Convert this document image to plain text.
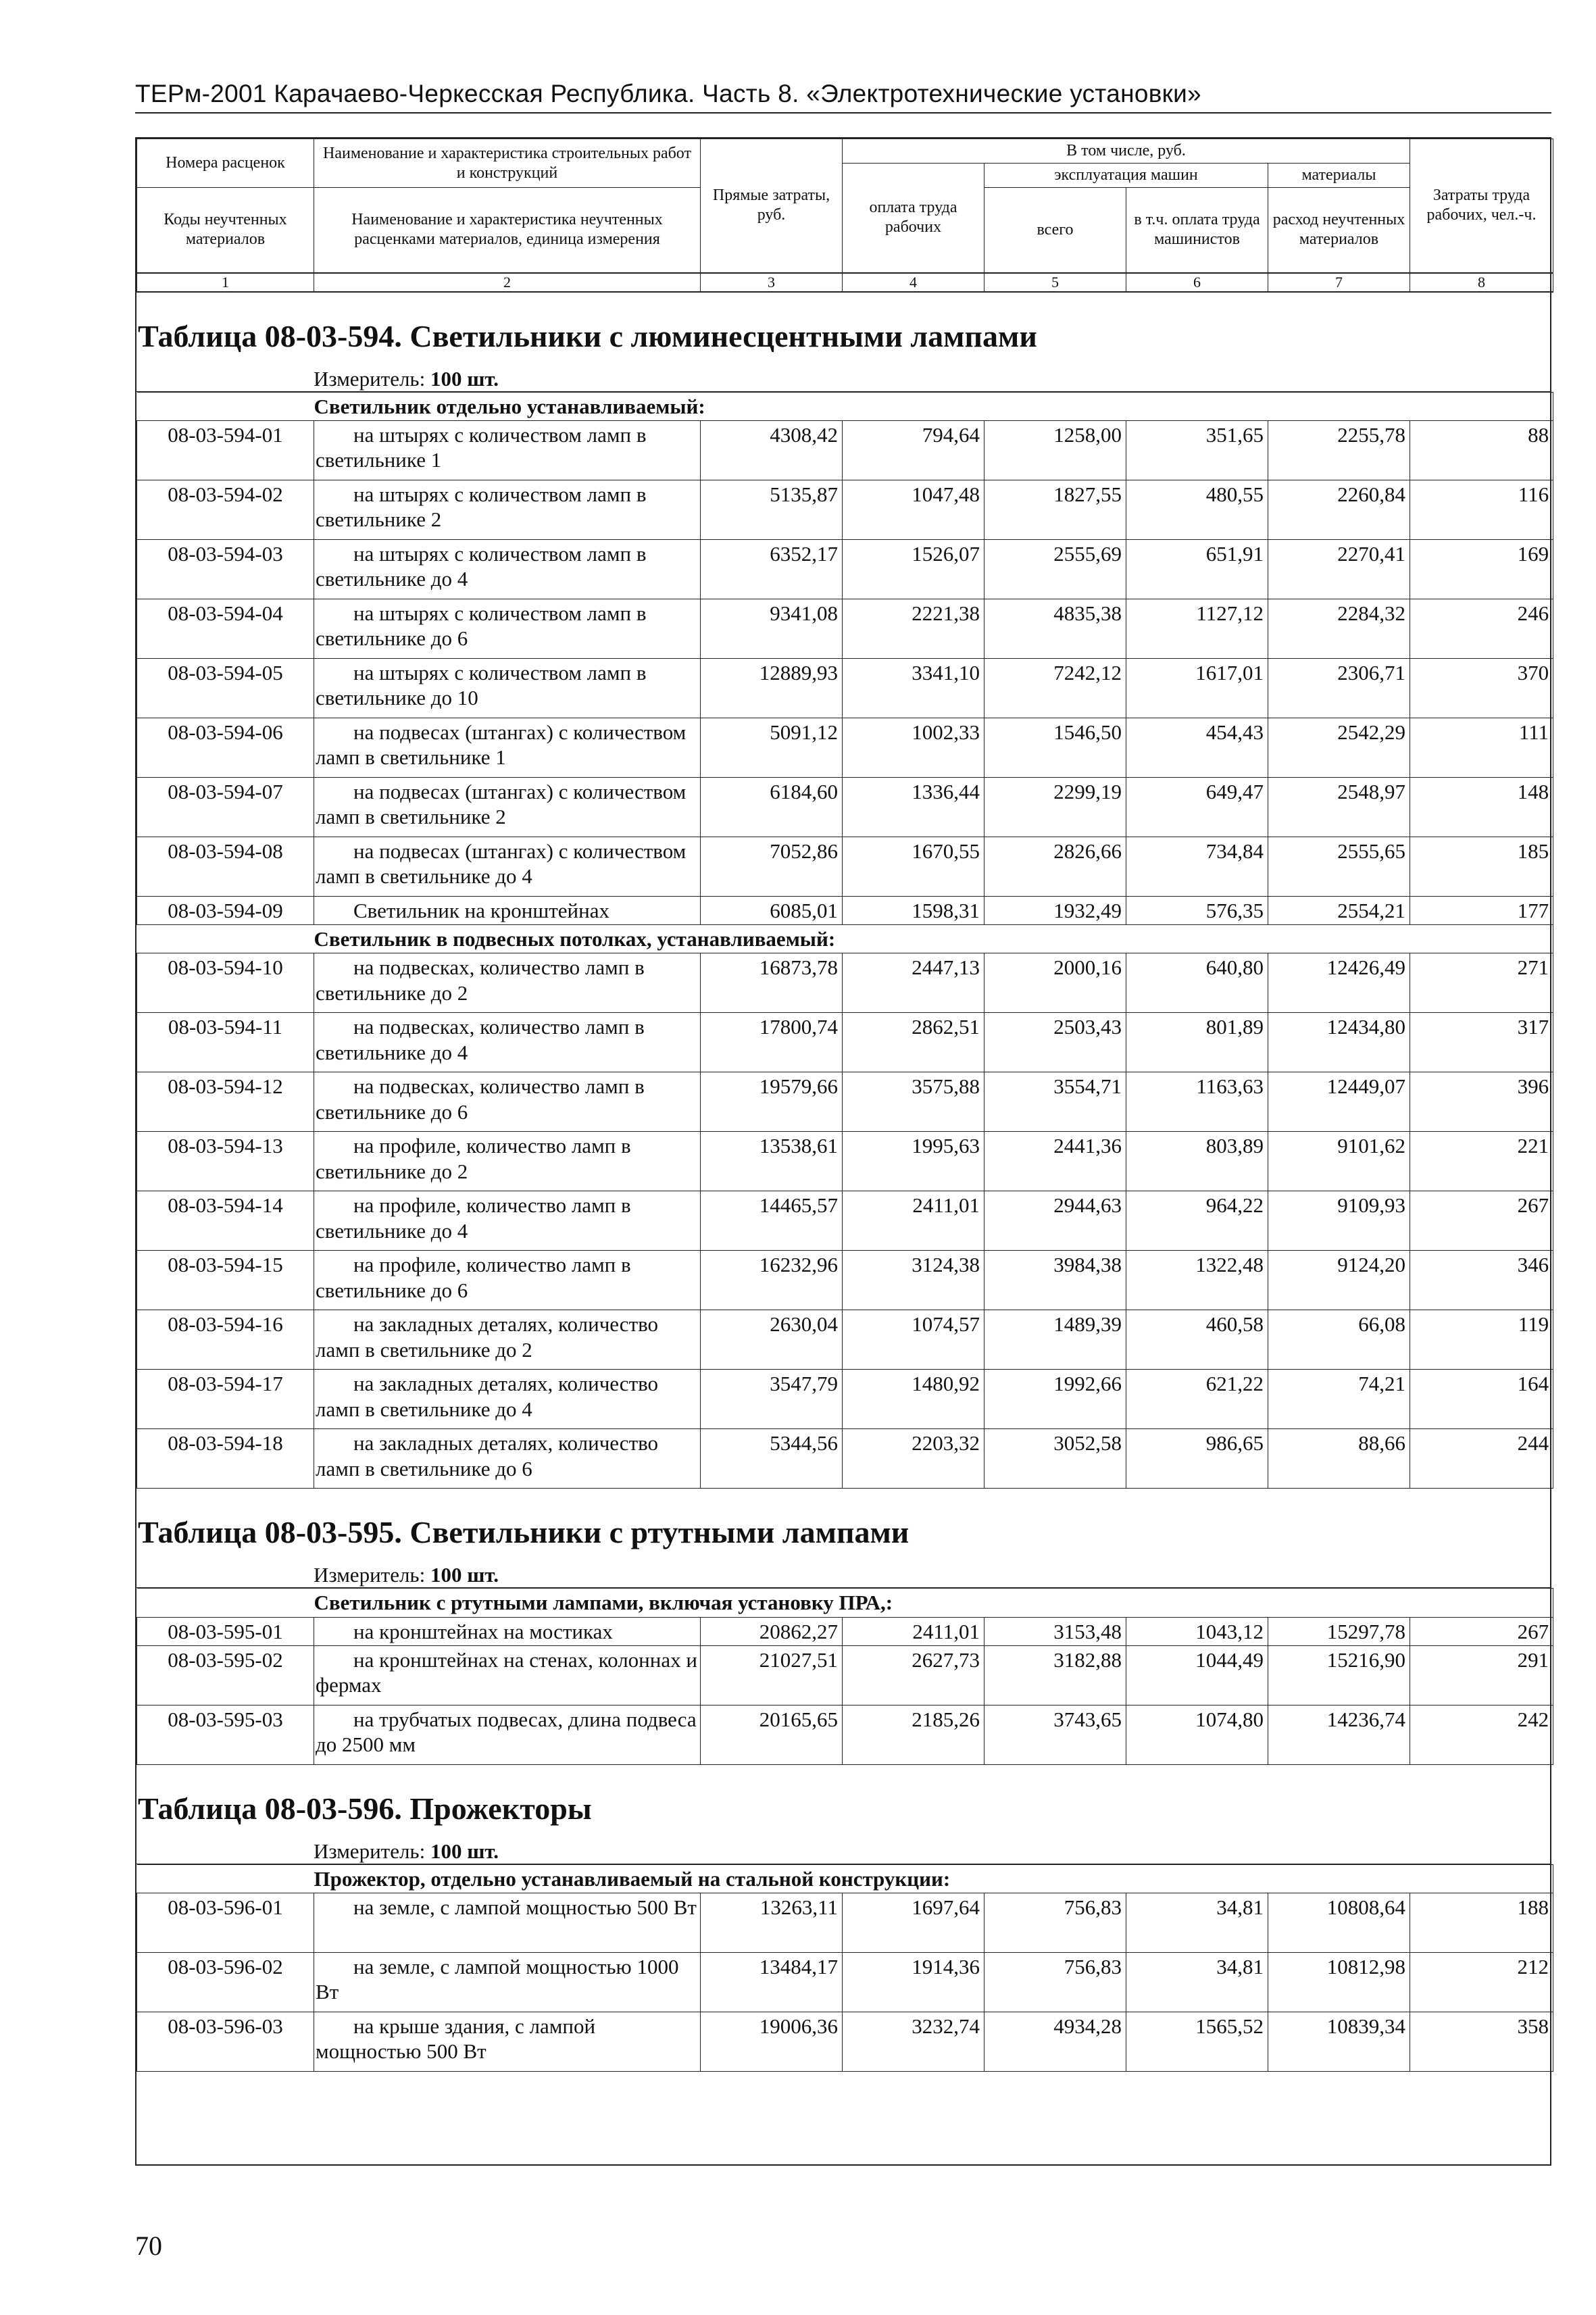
ТЕРм-2001 Карачаево-Черкесская Республика. Часть 8. «Электротехнические установки»
Номера расценок	Наименование и характеристика строительных работ и конструкций	Прямые затраты, руб.	В том числе, руб.				Затраты труда рабочих, чел.-ч.
			оплата труда рабочих	эксплуатация машин		материалы	
Коды неучтенных материалов	Наименование и характеристика неучтенных расценками материалов, единица измерения			всего	в т.ч. оплата труда машинистов	расход неучтенных материалов	

1	2	3	4	5	6	7	8
Таблица 08-03-594. Светильники с люминесцентными лампами
Измеритель: 100 шт.
Светильник отдельно устанавливаемый:							
08-03-594-01	на штырях с количеством ламп в светильнике 1	4308,42	794,64	1258,00	351,65	2255,78	88
08-03-594-02	на штырях с количеством ламп в светильнике 2	5135,87	1047,48	1827,55	480,55	2260,84	116
08-03-594-03	на штырях с количеством ламп в светильнике до 4	6352,17	1526,07	2555,69	651,91	2270,41	169
08-03-594-04	на штырях с количеством ламп в светильнике до 6	9341,08	2221,38	4835,38	1127,12	2284,32	246
08-03-594-05	на штырях с количеством ламп в светильнике до 10	12889,93	3341,10	7242,12	1617,01	2306,71	370
08-03-594-06	на подвесах (штангах) с количеством ламп в светильнике 1	5091,12	1002,33	1546,50	454,43	2542,29	111
08-03-594-07	на подвесах (штангах) с количеством ламп в светильнике 2	6184,60	1336,44	2299,19	649,47	2548,97	148
08-03-594-08	на подвесах (штангах) с количеством ламп в светильнике до 4	7052,86	1670,55	2826,66	734,84	2555,65	185
08-03-594-09	Светильник на кронштейнах	6085,01	1598,31	1932,49	576,35	2554,21	177
Светильник в подвесных потолках, устанавливаемый:							
08-03-594-10	на подвесках, количество ламп в светильнике до 2	16873,78	2447,13	2000,16	640,80	12426,49	271
08-03-594-11	на подвесках, количество ламп в светильнике до 4	17800,74	2862,51	2503,43	801,89	12434,80	317
08-03-594-12	на подвесках, количество ламп в светильнике до 6	19579,66	3575,88	3554,71	1163,63	12449,07	396
08-03-594-13	на профиле, количество ламп в светильнике до 2	13538,61	1995,63	2441,36	803,89	9101,62	221
08-03-594-14	на профиле, количество ламп в светильнике до 4	14465,57	2411,01	2944,63	964,22	9109,93	267
08-03-594-15	на профиле, количество ламп в светильнике до 6	16232,96	3124,38	3984,38	1322,48	9124,20	346
08-03-594-16	на закладных деталях, количество ламп в светильнике до 2	2630,04	1074,57	1489,39	460,58	66,08	119
08-03-594-17	на закладных деталях, количество ламп в светильнике до 4	3547,79	1480,92	1992,66	621,22	74,21	164
08-03-594-18	на закладных деталях, количество ламп в светильнике до 6	5344,56	2203,32	3052,58	986,65	88,66	244
Таблица 08-03-595. Светильники с ртутными лампами
Измеритель: 100 шт.
Светильник с ртутными лампами, включая установку ПРА,:							
08-03-595-01	на кронштейнах на мостиках	20862,27	2411,01	3153,48	1043,12	15297,78	267
08-03-595-02	на кронштейнах на стенах, колоннах и фермах	21027,51	2627,73	3182,88	1044,49	15216,90	291
08-03-595-03	на трубчатых подвесах, длина подвеса до 2500 мм	20165,65	2185,26	3743,65	1074,80	14236,74	242
Таблица 08-03-596. Прожекторы
Измеритель: 100 шт.
Прожектор, отдельно устанавливаемый на стальной конструкции:							
08-03-596-01	на земле, с лампой мощностью 500 Вт	13263,11	1697,64	756,83	34,81	10808,64	188
08-03-596-02	на земле, с лампой мощностью 1000 Вт	13484,17	1914,36	756,83	34,81	10812,98	212
08-03-596-03	на крыше здания, с лампой мощностью 500 Вт	19006,36	3232,74	4934,28	1565,52	10839,34	358
70
